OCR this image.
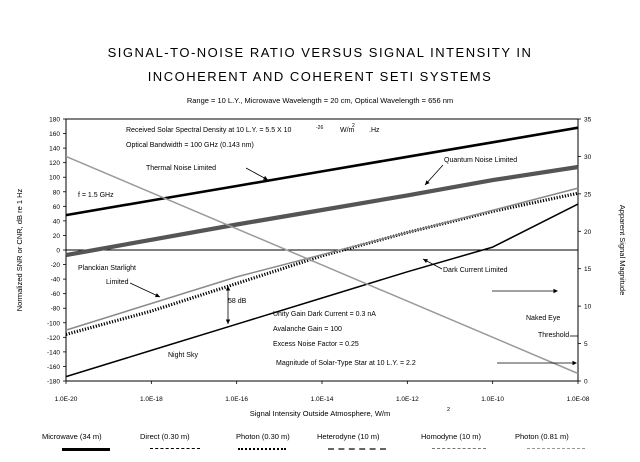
SIGNAL-TO-NOISE RATIO VERSUS SIGNAL INTENSITY IN
INCOHERENT AND COHERENT SETI SYSTEMS
Range = 10 L.Y., Microwave Wavelength = 20 cm, Optical Wavelength = 656 nm
-180
-160
-140
-120
-100
-80
-60
-40
-20
0
20
40
60
80
100
120
140
160
180
0
5
10
15
20
25
30
35
1.0E-20	1.0E-18	1.0E-16	1.0E-14	1.0E-12	1.0E-10	1.0E-08
Signal Intensity Outside Atmosphere, W/m	2
Normalized SNR or CNR, dB re 1 Hz	Apparent Signal Magnitude
Received Solar Spectral Density at 10 L.Y. = 5.5 X 10	-26 W/m
2
.Hz
Optical Bandwidth = 100 GHz (0.143 nm)
Thermal Noise Limited
Quantum Noise Limited
f = 1.5 GHz
Planckian Starlight
Limited
Dark Current Limited
58 dB
Unity Gain Dark Current = 0.3 nA
Avalanche Gain = 100
Excess Noise Factor = 0.25
Naked Eye
Threshold
Night Sky
Magnitude of Solar-Type Star at 10 L.Y. = 2.2
Microwave (34 m)	Direct (0.30 m)	Photon (0.30 m)	Heterodyne (10 m)	Homodyne (10 m)	Photon (0.81 m)
